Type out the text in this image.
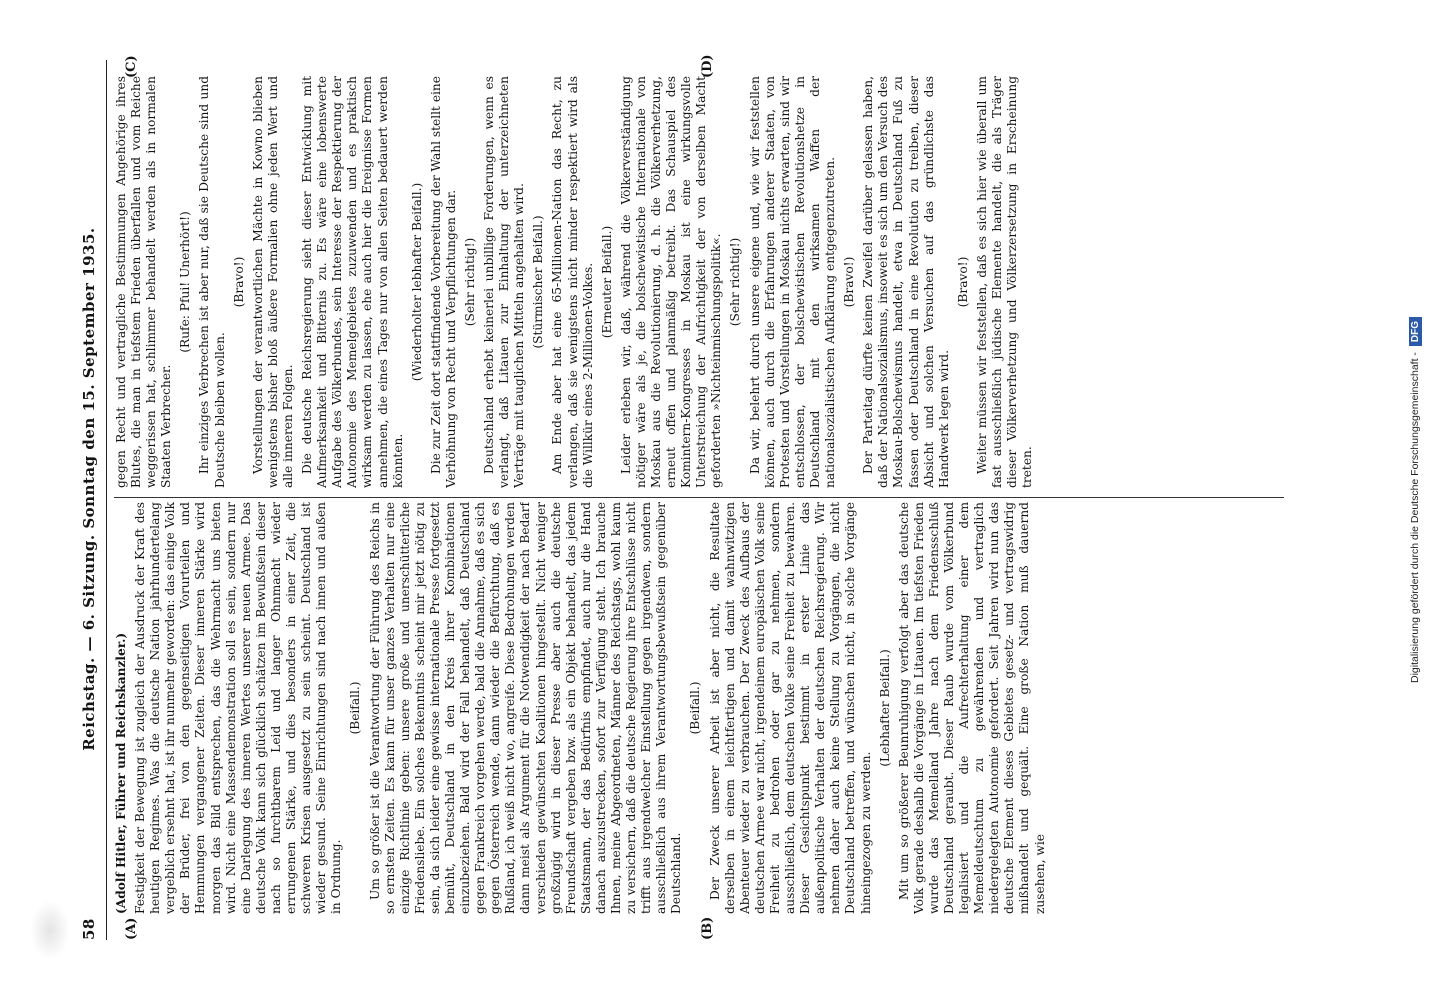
58
Reichstag. — 6. Sitzung. Sonntag den 15. September 1935.
(A)	(B)
(C)	(D)

(Adolf Hitler, Führer und Reichskanzler.) Festigkeit der Bewegung ist zugleich der Ausdruck der Kraft des heutigen Regimes. Was die deutsche Nation jahrhundertelang vergeblich ersehnt hat, ist ihr nunmehr geworden: das einige Volk der Brüder, frei von den gegenseitigen Vorurteilen und Hemmungen vergangener Zeiten. Dieser inneren Stärke wird morgen das Bild entsprechen, das die Wehrmacht uns bieten wird. Nicht eine Massendemonstration soll es sein, sondern nur eine Darlegung des inneren Wertes unserer neuen Armee. Das deutsche Volk kann sich glücklich schätzen im Bewußtsein dieser nach so furchtbarem Leid und langer Ohnmacht wieder errungenen Stärke, und dies besonders in einer Zeit, die schweren Krisen ausgesetzt zu sein scheint. Deutschland ist wieder gesund. Seine Einrichtungen sind nach innen und außen in Ordnung.

(Beifall.) Um so größer ist die Verantwortung der Führung des Reichs in so ernsten Zeiten. Es kann für unser ganzes Verhalten nur eine einzige Richtlinie geben: unsere große und unerschütterliche Friedensliebe. Ein solches Bekenntnis scheint mir jetzt nötig zu sein, da sich leider eine gewisse internationale Presse fortgesetzt bemüht, Deutschland in den Kreis ihrer Kombinationen einzubeziehen. Bald wird der Fall behandelt, daß Deutschland gegen Frankreich vorgehen werde, bald die Annahme, daß es sich gegen Österreich wende, dann wieder die Befürchtung, daß es Rußland, ich weiß nicht wo, angreife. Diese Bedrohungen werden dann meist als Argument für die Notwendigkeit der nach Bedarf verschieden gewünschten Koalitionen hingestellt. Nicht weniger großzügig wird in dieser Presse aber auch die deutsche Freundschaft vergeben bzw. als ein Objekt behandelt, das jedem Staatsmann, der das Bedürfnis empfindet, auch nur die Hand danach auszustrecken, sofort zur Verfügung steht. Ich brauche Ihnen, meine Abgeordneten, Männer des Reichstags, wohl kaum zu versichern, daß die deutsche Regierung ihre Entschlüsse nicht trifft aus irgendwelcher Einstellung gegen irgendwen, sondern ausschließlich aus ihrem Verantwortungsbewußtsein gegenüber Deutschland.

(Beifall.) Der Zweck unserer Arbeit ist aber nicht, die Resultate derselben in einem leichtfertigen und damit wahnwitzigen Abenteuer wieder zu verbrauchen. Der Zweck des Aufbaus der deutschen Armee war nicht, irgendeinem europäischen Volk seine Freiheit zu bedrohen oder gar zu nehmen, sondern ausschließlich, dem deutschen Volke seine Freiheit zu bewahren. Dieser Gesichtspunkt bestimmt in erster Linie das außenpolitische Verhalten der deutschen Reichsregierung. Wir nehmen daher auch keine Stellung zu Vorgängen, die nicht Deutschland betreffen, und wünschen nicht, in solche Vorgänge hineingezogen zu werden.

(Lebhafter Beifall.) Mit um so größerer Beunruhigung verfolgt aber das deutsche Volk gerade deshalb die Vorgänge in Litauen. Im tiefsten Frieden wurde das Memelland Jahre nach dem Friedensschluß Deutschland geraubt. Dieser Raub wurde vom Völkerbund legalisiert und die Aufrechterhaltung einer dem Memeldeutschtum zu gewährenden und vertraglich niedergelegten Autonomie gefordert. Seit Jahren wird nun das deutsche Element dieses Gebietes gesetz- und vertragswidrig mißhandelt und gequält. Eine große Nation muß dauernd zusehen, wie

gegen Recht und vertragliche Bestimmungen Angehörige ihres Blutes, die man in tiefstem Frieden überfallen und vom Reiche weggerissen hat, schlimmer behandelt werden als in normalen Staaten Verbrecher.

(Rufe: Pfui! Unerhört!) Ihr einziges Verbrechen ist aber nur, daß sie Deutsche sind und Deutsche bleiben wollen.

(Bravo!) Vorstellungen der verantwortlichen Mächte in Kowno blieben wenigstens bisher bloß äußere Formalien ohne jeden Wert und alle inneren Folgen. Die deutsche Reichsregierung sieht dieser Entwicklung mit Aufmerksamkeit und Bitternis zu. Es wäre eine lobenswerte Aufgabe des Völkerbundes, sein Interesse der Respektierung der Autonomie des Memelgebietes zuzuwenden und es praktisch wirksam werden zu lassen, ehe auch hier die Ereignisse Formen annehmen, die eines Tages nur von allen Seiten bedauert werden könnten.

(Wiederholter lebhafter Beifall.) Die zur Zeit dort stattfindende Vorbereitung der Wahl stellt eine Verhöhnung von Recht und Verpflichtungen dar. (Sehr richtig!) Deutschland erhebt keinerlei unbillige Forderungen, wenn es verlangt, daß Litauen zur Einhaltung der unterzeichneten Verträge mit tauglichen Mitteln angehalten wird. (Stürmischer Beifall.) Am Ende aber hat eine 65-Millionen-Nation das Recht, zu verlangen, daß sie wenigstens nicht minder respektiert wird als die Willkür eines 2-Millionen-Volkes. (Erneuter Beifall.) Leider erleben wir, daß, während die Völkerverständigung nötiger wäre als je, die bolschewistische Internationale von Moskau aus die Revolutionierung, d. h. die Völkerverhetzung, erneut offen und planmäßig betreibt. Das Schauspiel des Komintern-Kongresses in Moskau ist eine wirkungsvolle Unterstreichung der Aufrichtigkeit der von derselben Macht geforderten »Nichteinmischungspolitik«. (Sehr richtig!) Da wir, belehrt durch unsere eigene und, wie wir feststellen können, auch durch die Erfahrungen anderer Staaten, von Protesten und Vorstellungen in Moskau nichts erwarten, sind wir entschlossen, der bolschewistischen Revolutionshetze in Deutschland mit den wirksamen Waffen der nationalsozialistischen Aufklärung entgegenzutreten. (Bravo!) Der Parteitag dürfte keinen Zweifel darüber gelassen haben, daß der Nationalsozialismus, insoweit es sich um den Versuch des Moskau-Bolschewismus handelt, etwa in Deutschland Fuß zu fassen oder Deutschland in eine Revolution zu treiben, dieser Absicht und solchen Versuchen auf das gründlichste das Handwerk legen wird.

(Bravo!) Weiter müssen wir feststellen, daß es sich hier wie überall um fast ausschließlich jüdische Elemente handelt, die als Träger dieser Völkerverhetzung und Völkerzersetzung in Erscheinung treten.	Digitalisierung gefördert durch die Deutsche Forschungsgemeinschaft -
DFG
